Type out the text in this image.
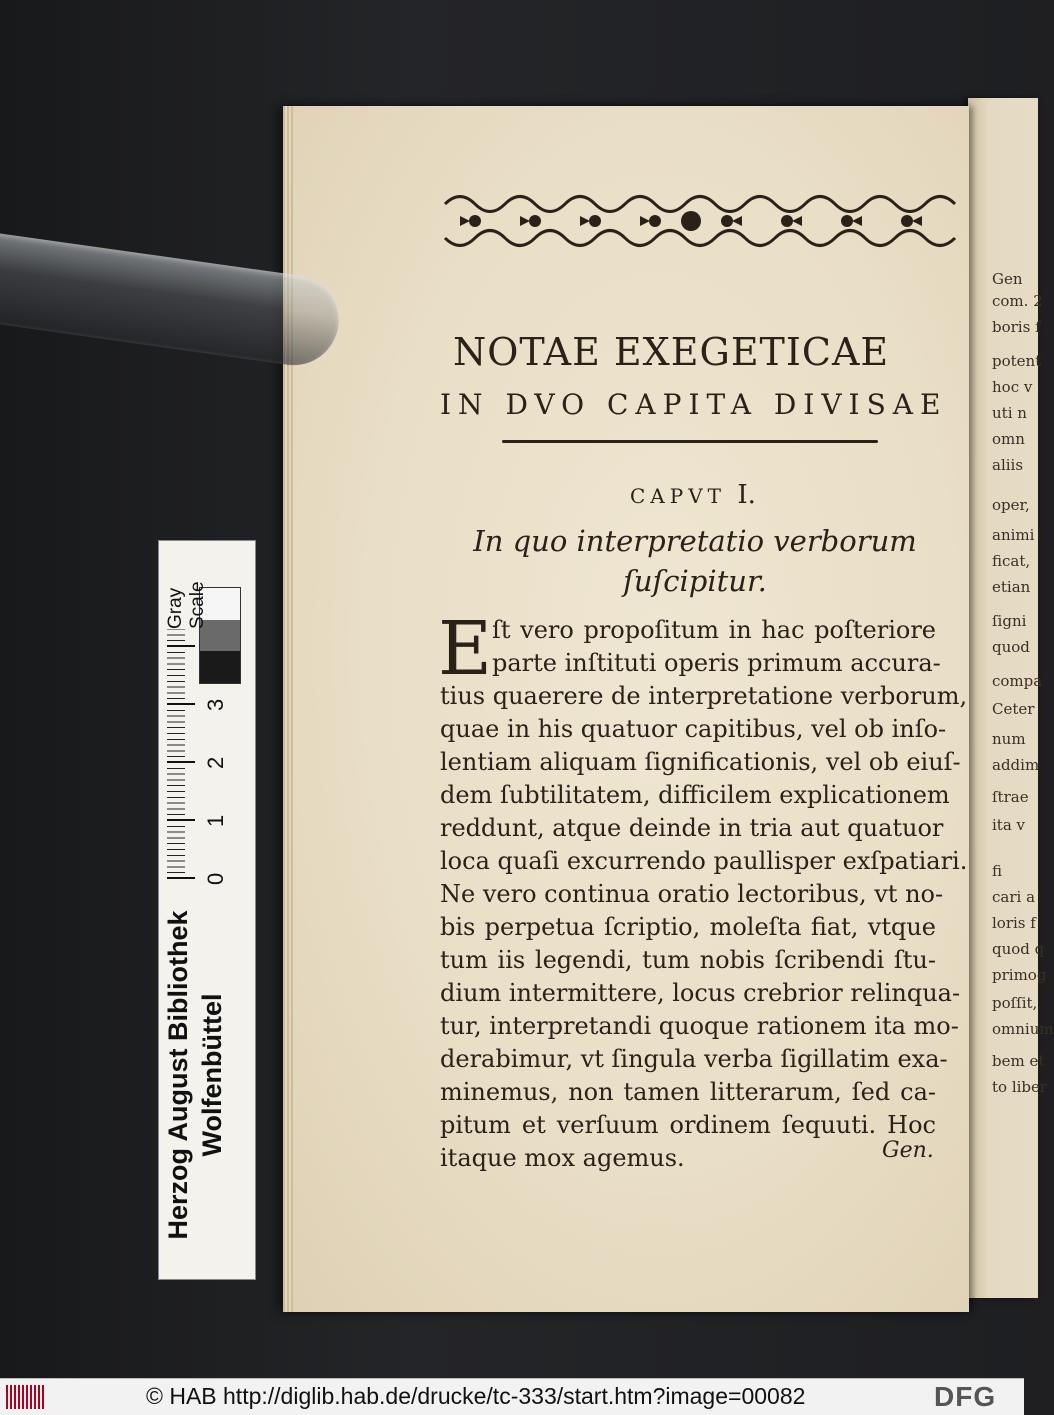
Gen
com. 2
boris f
potent
hoc v
uti n
omn
aliis
oper,
animi
ficat,
etian
ſigni
quod
compa
Ceter
num
addim
ſtrae
ita v
fi
cari a
loris f
quod q
primog
poſſit,
omnium
bem et
to liber
NOTAE EXEGETICAE
IN DVO CAPITA DIVISAE
CAPVT I.
In quo interpretatio verborum
ſuſcipitur.
E ſt vero propoſitum in hac poſteriore
parte inſtituti operis primum accura-
tius quaerere de interpretatione verborum,
quae in his quatuor capitibus, vel ob inſo-
lentiam aliquam ſignificationis, vel ob eiuſ-
dem ſubtilitatem, difficilem explicationem
reddunt, atque deinde in tria aut quatuor
loca quaſi excurrendo paullisper exſpatiari.
Ne vero continua oratio lectoribus, vt no-
bis perpetua ſcriptio, moleſta fiat, vtque
tum iis legendi, tum nobis ſcribendi ſtu-
dium intermittere, locus crebrior relinqua-
tur, interpretandi quoque rationem ita mo-
derabimur, vt ſingula verba ſigillatim exa-
minemus, non tamen litterarum, ſed ca-
pitum et verſuum ordinem ſequuti. Hoc
itaque mox agemus.	Gen.
Herzog August Bibliothek Wolfenbüttel
0
1
2
3
Gray Scale
© HAB http://diglib.hab.de/drucke/tc-333/start.htm?image=00082	DFG
